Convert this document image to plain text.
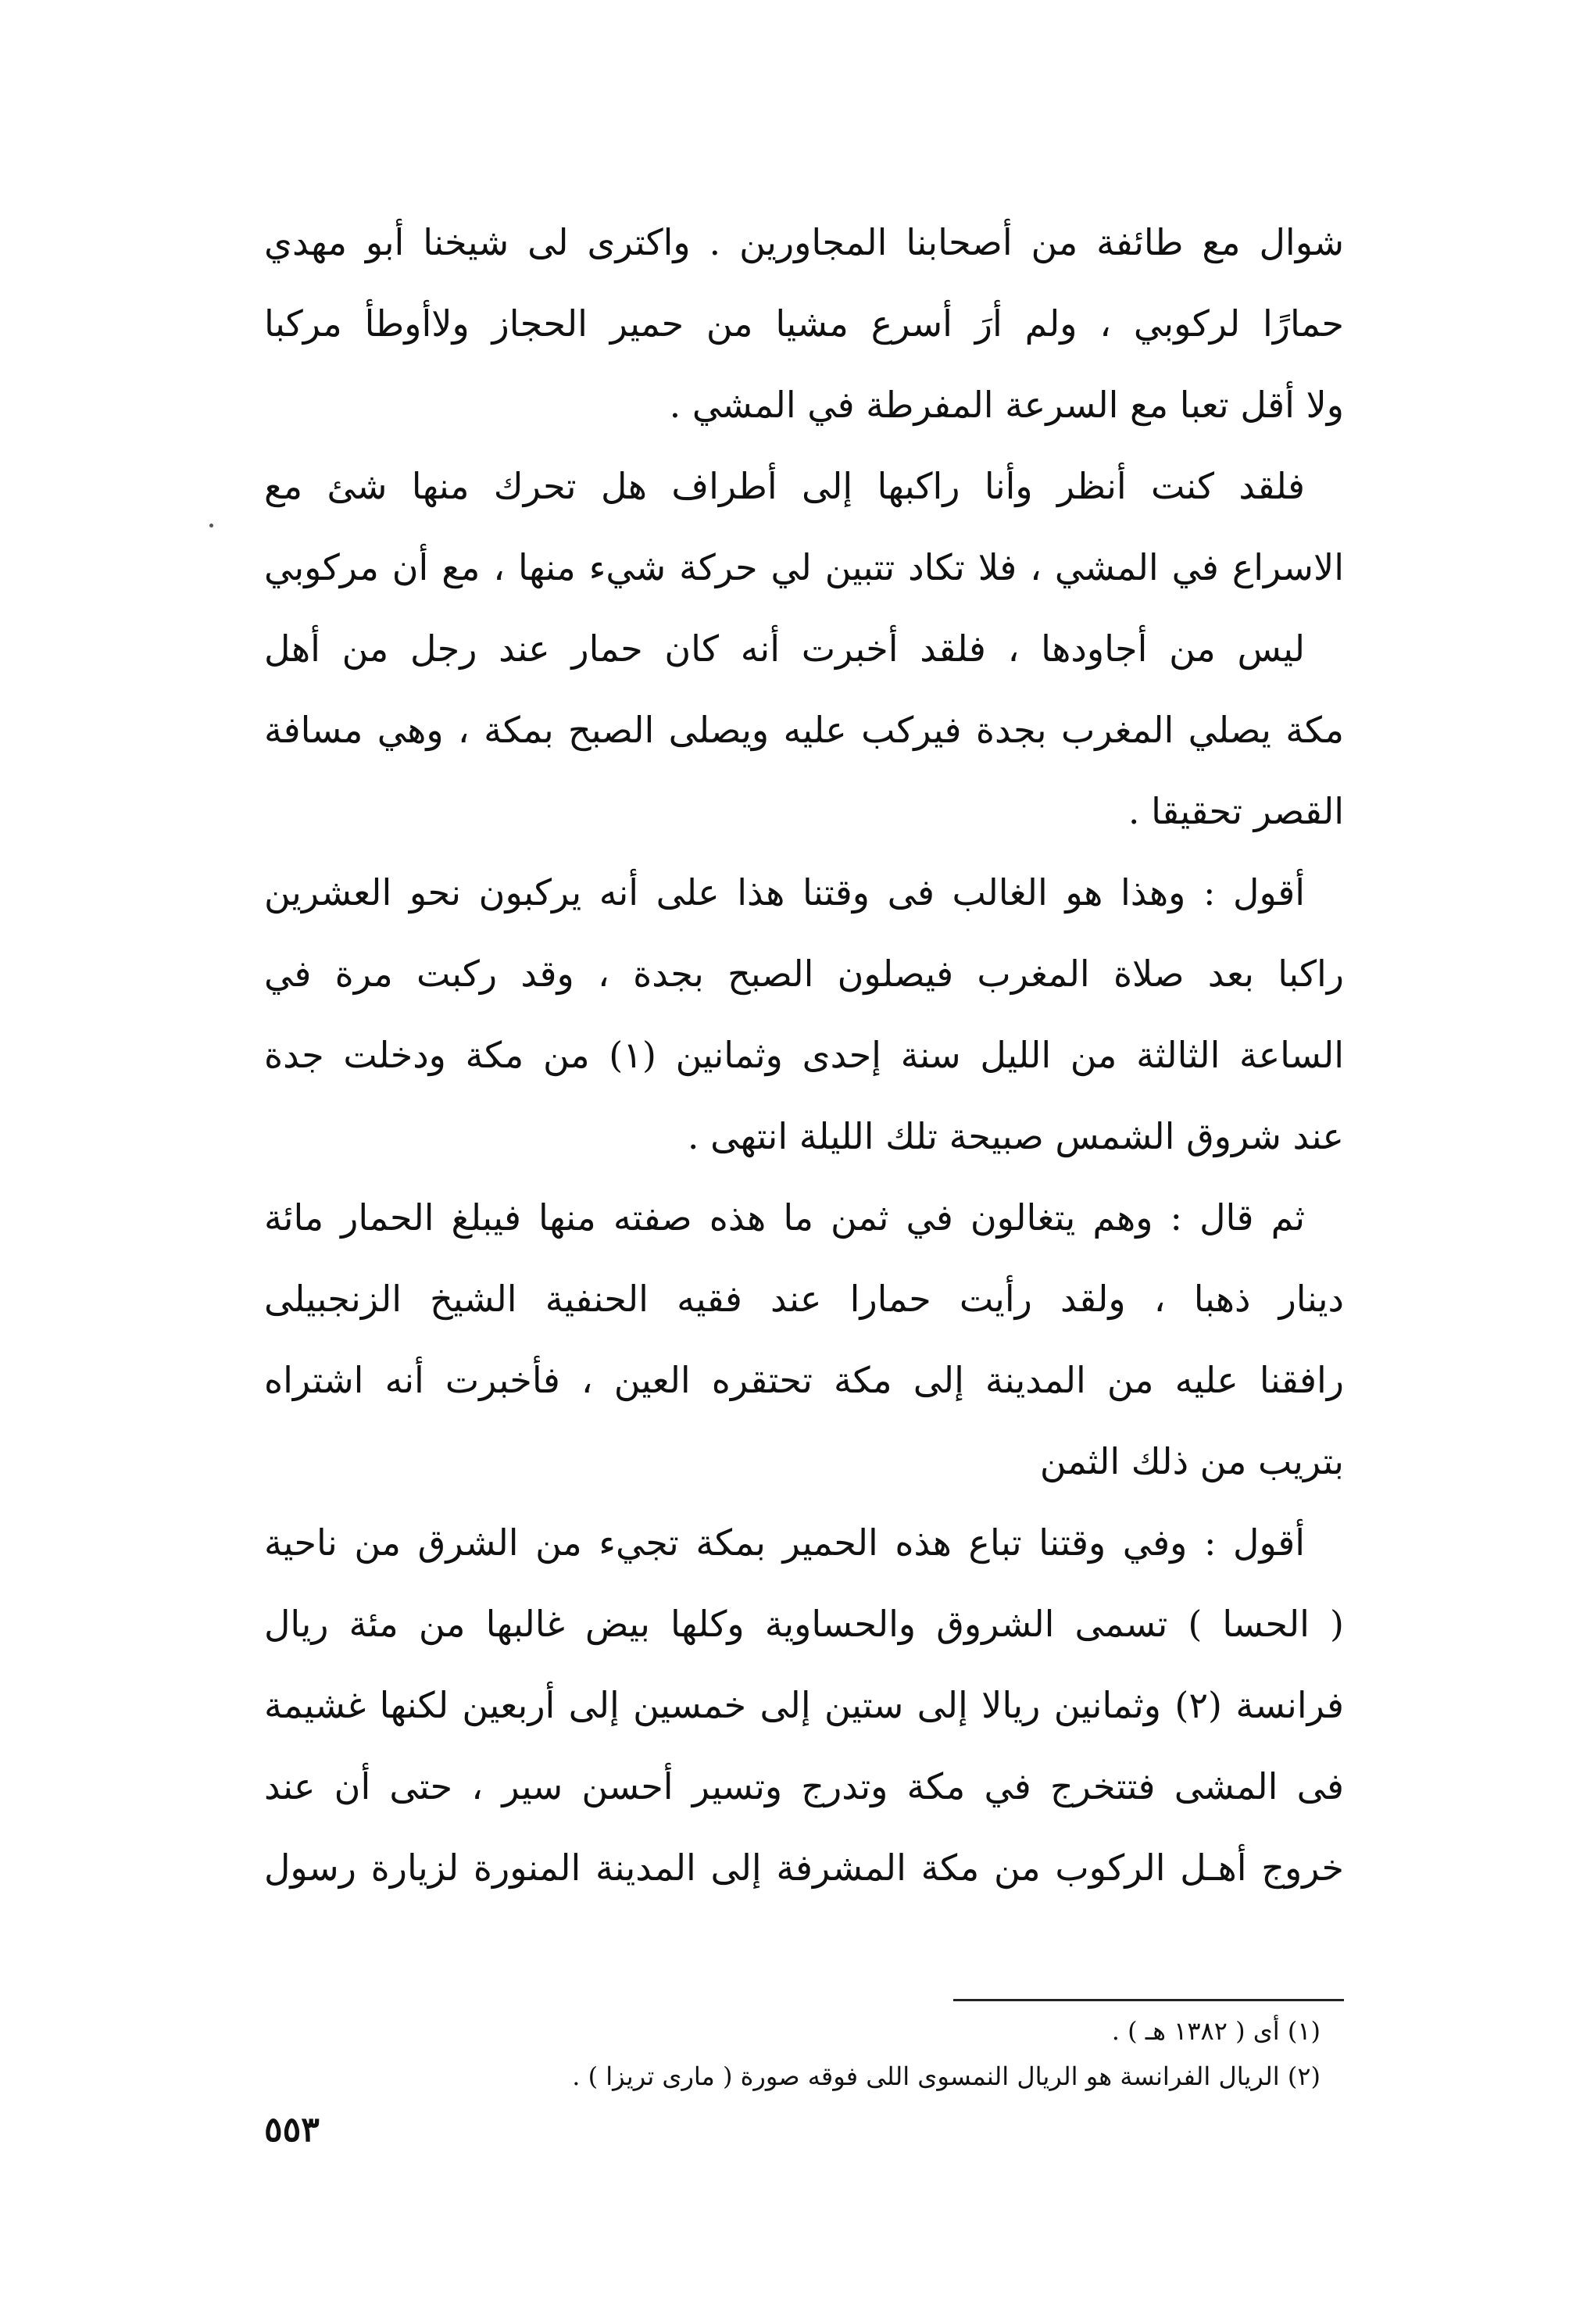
شوال مع طائفة من أصحابنا المجاورين . واكترى لى شيخنا أبو مهدي
حمارًا لركوبي ، ولم أرَ أسرع مشيا من حمير الحجاز ولاأوطأ مركبا
ولا أقل تعبا مع السرعة المفرطة في المشي .
فلقد كنت أنظر وأنا راكبها إلى أطراف هل تحرك منها شئ مع
الاسراع في المشي ، فلا تكاد تتبين لي حركة شيء منها ، مع أن مركوبي
ليس من أجاودها ، فلقد أخبرت أنه كان حمار عند رجل من أهل
مكة يصلي المغرب بجدة فيركب عليه ويصلى الصبح بمكة ، وهي مسافة
القصر تحقيقا .
أقول : وهذا هو الغالب فى وقتنا هذا على أنه يركبون نحو العشرين
راكبا بعد صلاة المغرب فيصلون الصبح بجدة ، وقد ركبت مرة في
الساعة الثالثة من الليل سنة إحدى وثمانين (١) من مكة ودخلت جدة
عند شروق الشمس صبيحة تلك الليلة انتهى .
ثم قال : وهم يتغالون في ثمن ما هذه صفته منها فيبلغ الحمار مائة
دينار ذهبا ، ولقد رأيت حمارا عند فقيه الحنفية الشيخ الزنجبيلى
رافقنا عليه من المدينة إلى مكة تحتقره العين ، فأخبرت أنه اشتراه
بتريب من ذلك الثمن
أقول : وفي وقتنا تباع هذه الحمير بمكة تجيء من الشرق من ناحية
( الحسا ) تسمى الشروق والحساوية وكلها بيض غالبها من مئة ريال
فرانسة (٢) وثمانين ريالا إلى ستين إلى خمسين إلى أربعين لكنها غشيمة
فى المشى فتتخرج في مكة وتدرج وتسير أحسن سير ، حتى أن عند
خروج أهـل الركوب من مكة المشرفة إلى المدينة المنورة لزيارة رسول
(١) أى ( ١٣٨٢ هـ ) .
(٢) الريال الفرانسة هو الريال النمسوى اللى فوقه صورة ( مارى تريزا ) .
٥٥٣
